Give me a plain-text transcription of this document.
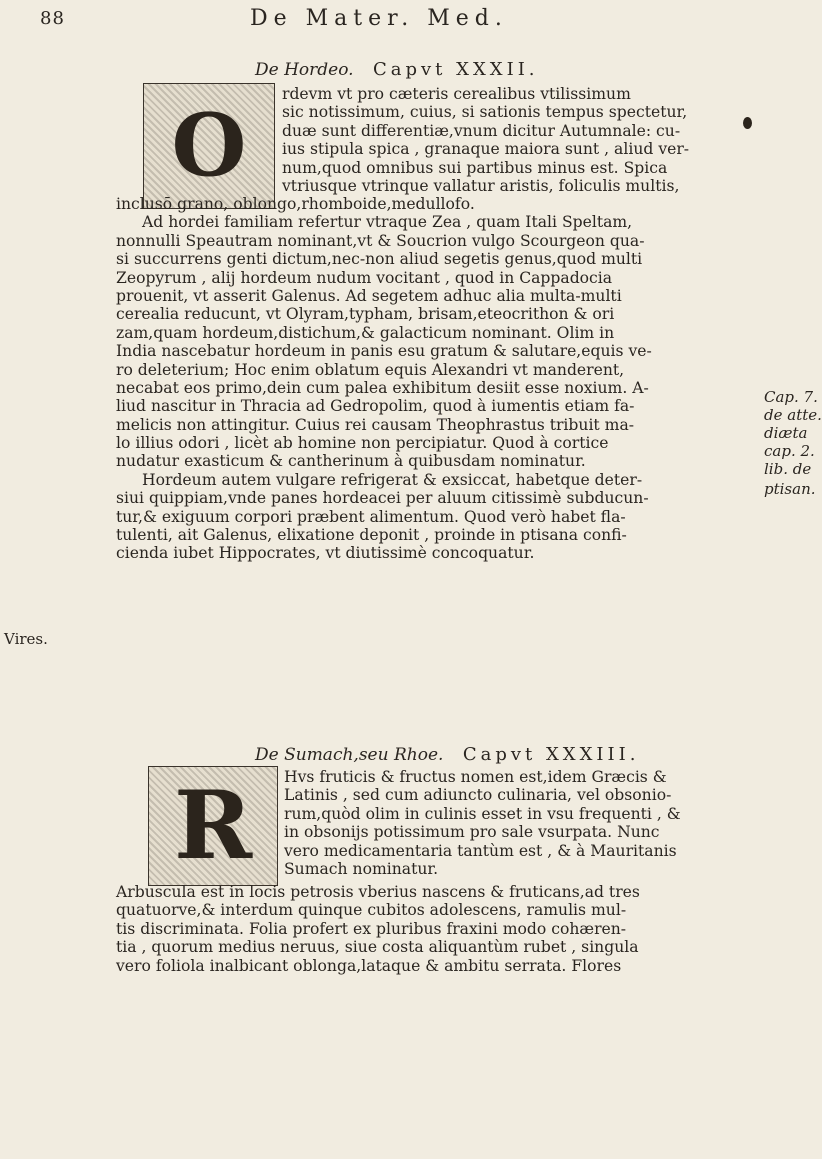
88	De Mater. Med.
De Hordeo. Capvt XXXII.
O
rdevm vt pro cæteris cerealibus vtilissimum
sic notissimum, cuius, si sationis tempus spectetur,
duæ sunt differentiæ,vnum dicitur Autumnale: cu-
ius stipula spica , granaque maiora sunt , aliud ver-
num,quod omnibus sui partibus minus est. Spica
vtriusque vtrinque vallatur aristis, foliculis multis,
inclusō grano, oblongo,rhomboide,medullofo.
Ad hordei familiam refertur vtraque Zea , quam Itali Speltam,
nonnulli Speautram nominant,vt & Soucrion vulgo Scourgeon qua-
si succurrens genti dictum,nec-non aliud segetis genus,quod multi
Zeopyrum , alij hordeum nudum vocitant , quod in Cappadocia
prouenit, vt asserit Galenus. Ad segetem adhuc alia multa-multi
cerealia reducunt, vt Olyram,typham, brisam,eteocrithon & ori
zam,quam hordeum,distichum,& galacticum nominant. Olim in
India nascebatur hordeum in panis esu gratum & salutare,equis ve-
ro deleterium; Hoc enim oblatum equis Alexandri vt manderent,
necabat eos primo,dein cum palea exhibitum desiit esse noxium. A-
liud nascitur in Thracia ad Gedropolim, quod à iumentis etiam fa-
melicis non attingitur. Cuius rei causam Theophrastus tribuit ma-
lo illius odori , licèt ab homine non percipiatur. Quod à cortice
nudatur exasticum & cantherinum à quibusdam nominatur.
Hordeum autem vulgare refrigerat & exsiccat, habetque deter-
siui quippiam,vnde panes hordeacei per aluum citissimè subducun-
tur,& exiguum corpori præbent alimentum. Quod verò habet fla-
tulenti, ait Galenus, elixatione deponit , proinde in ptisana confi-
cienda iubet Hippocrates, vt diutissimè concoquatur.
Cap. 7.
de atte.
diæta
cap. 2.
lib. de
ptisan.
Vires.
De Sumach,seu Rhoe. Capvt XXXIII.
R	Hvs fruticis & fructus nomen est,idem Græcis &
Latinis , sed cum adiuncto culinaria, vel obsonio-
rum,quòd olim in culinis esset in vsu frequenti , &
in obsonijs potissimum pro sale vsurpata. Nunc
vero medicamentaria tantùm est , & à Mauritanis
Sumach nominatur.
Arbuscula est in locis petrosis vberius nascens & fruticans,ad tres
quatuorve,& interdum quinque cubitos adolescens, ramulis mul-
tis discriminata. Folia profert ex pluribus fraxini modo cohæren-
tia , quorum medius neruus, siue costa aliquantùm rubet , singula
vero foliola inalbicant oblonga,lataque & ambitu serrata. Flores
